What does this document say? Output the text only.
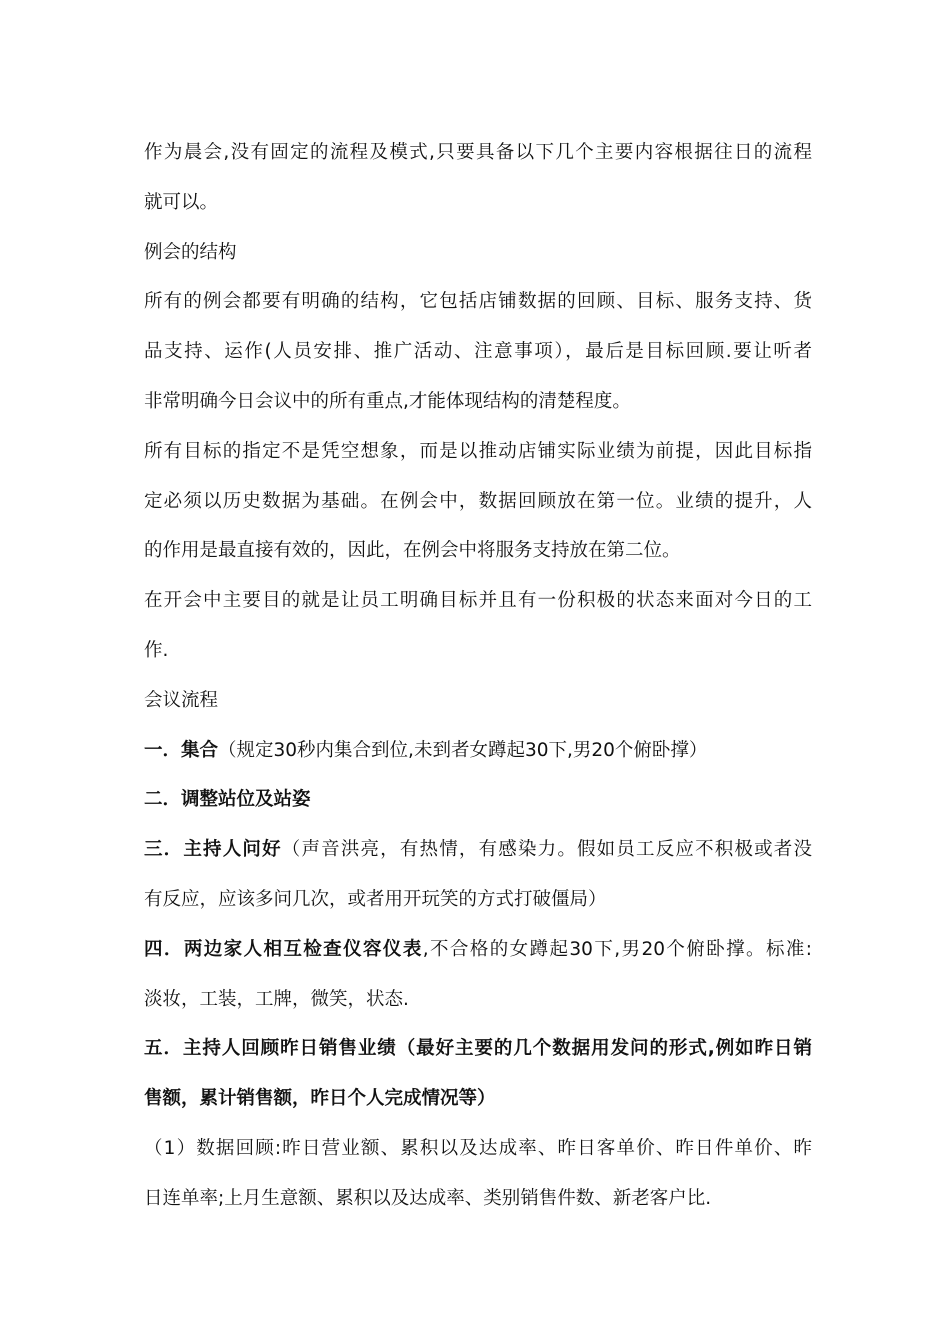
作为晨会,没有固定的流程及模式,只要具备以下几个主要内容根据往日的流程
就可以。
例会的结构
所有的例会都要有明确的结构，它包括店铺数据的回顾、目标、服务支持、货
品支持、运作(人员安排、推广活动、注意事项），最后是目标回顾.要让听者
非常明确今日会议中的所有重点,才能体现结构的清楚程度。
所有目标的指定不是凭空想象，而是以推动店铺实际业绩为前提，因此目标指
定必须以历史数据为基础。在例会中，数据回顾放在第一位。业绩的提升，人
的作用是最直接有效的，因此，在例会中将服务支持放在第二位。
在开会中主要目的就是让员工明确目标并且有一份积极的状态来面对今日的工
作.
会议流程
一．集合（规定30秒内集合到位,未到者女蹲起30下,男20个俯卧撑）
二．调整站位及站姿
三．主持人问好（声音洪亮，有热情，有感染力。假如员工反应不积极或者没
有反应，应该多问几次，或者用开玩笑的方式打破僵局）
四．两边家人相互检查仪容仪表,不合格的女蹲起30下,男20个俯卧撑。标准:
淡妆，工装，工牌，微笑，状态.
五．主持人回顾昨日销售业绩（最好主要的几个数据用发问的形式,例如昨日销
售额，累计销售额，昨日个人完成情况等）
（1）数据回顾:昨日营业额、累积以及达成率、昨日客单价、昨日件单价、昨
日连单率;上月生意额、累积以及达成率、类别销售件数、新老客户比.
